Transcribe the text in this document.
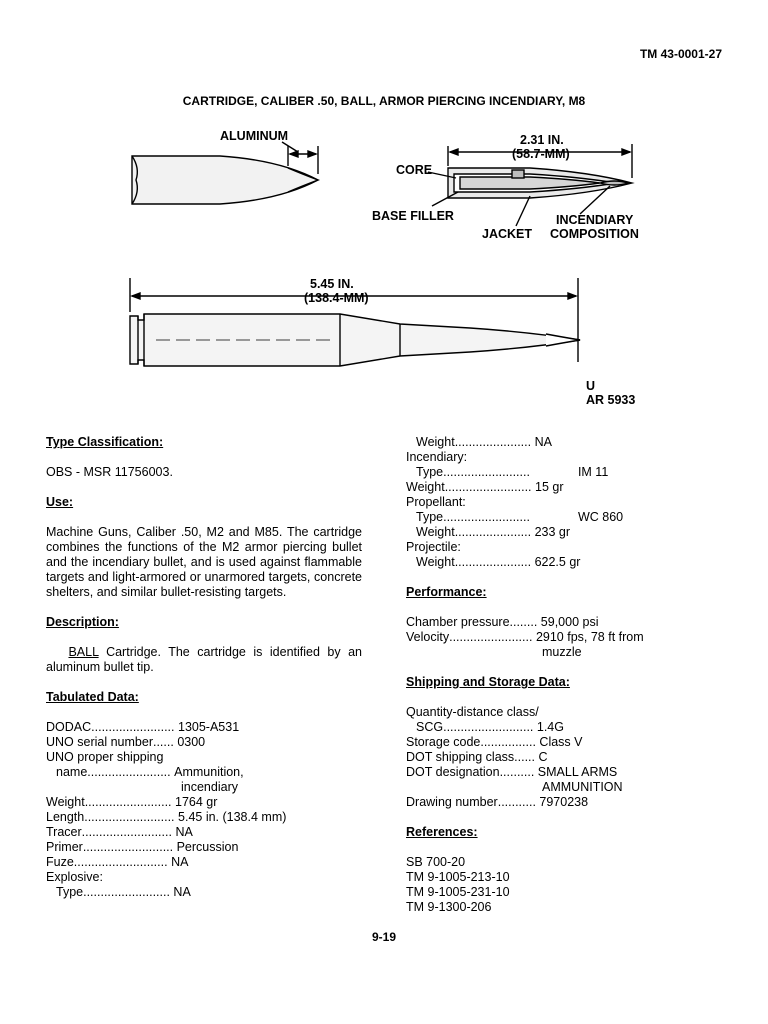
TM 43-0001-27
CARTRIDGE, CALIBER .50, BALL, ARMOR PIERCING INCENDIARY, M8
ALUMINUM	2.31 IN.
(58.7-MM)
CORE
BASE FILLER
JACKET
INCENDIARY
COMPOSITION
5.45 IN.
(138.4-MM)
U
AR 5933
Type Classification:
OBS - MSR 11756003.
Use:
Machine Guns, Caliber .50, M2 and M85. The cartridge combines the functions of the M2 armor piercing bullet and the incendiary bullet, and is used against flammable targets and light-armored or unarmored targets, concrete shelters, and similar bullet-resisting targets.
Description:
BALL Cartridge. The cartridge is identified by an aluminum bullet tip.
Tabulated Data:
DODAC ........................
1305-A531
UNO serial number ......
0300
UNO proper shipping
name ........................
Ammunition,
incendiary
Weight .........................
1764 gr
Length ..........................
5.45 in. (138.4 mm)
Tracer ..........................
NA
Primer ..........................
Percussion
Fuze ...........................
NA
Explosive:
Type .........................
NA
Weight ......................
NA
Incendiary:
Type .........................	IM 11
Weight .........................
15 gr
Propellant:
Type .........................	WC 860
Weight ......................
233 gr
Projectile:
Weight ......................
622.5 gr
Performance:
Chamber pressure ........
59,000 psi
Velocity ........................
2910 fps, 78 ft from
muzzle
Shipping and Storage Data:
Quantity-distance class/
SCG ..........................
1.4G
Storage code ................
Class V
DOT shipping class ......
C
DOT designation ..........
SMALL ARMS
AMMUNITION
Drawing number ...........
7970238
References:
SB 700-20
TM 9-1005-213-10
TM 9-1005-231-10
TM 9-1300-206
9-19
